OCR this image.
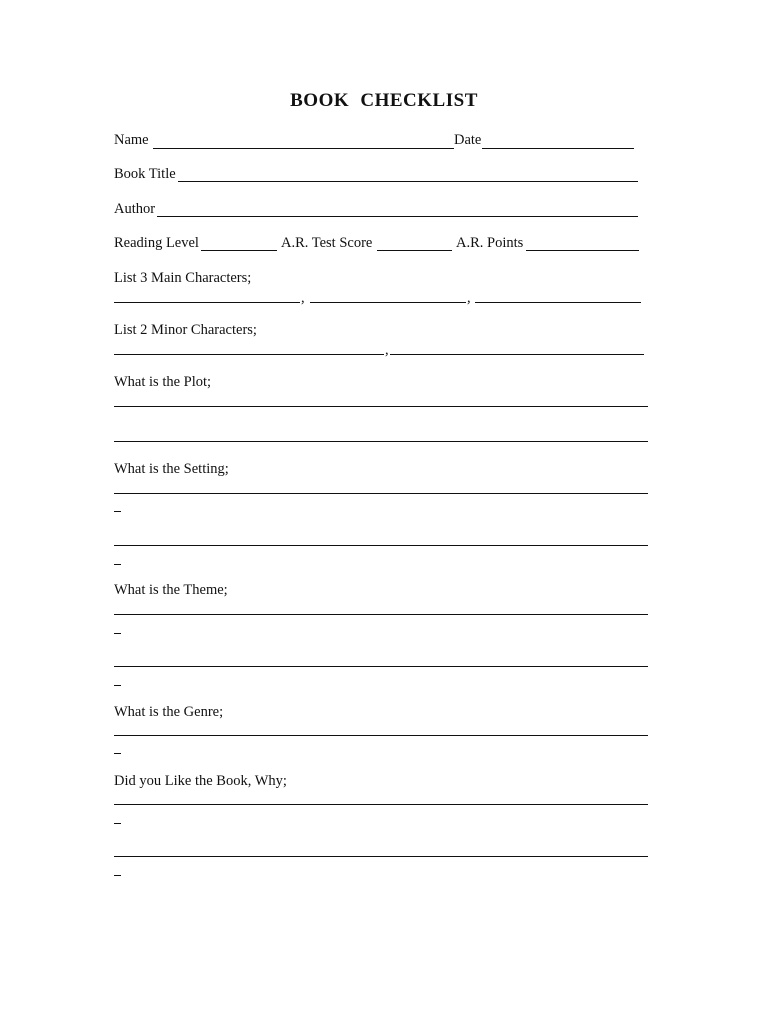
BOOK CHECKLIST
Name	Date
Book Title
Author
Reading Level	A.R. Test Score	A.R. Points
List 3 Main Characters;
,	,
List 2 Minor Characters;
,
What is the Plot;
What is the Setting;
What is the Theme;
What is the Genre;
Did you Like the Book, Why;
